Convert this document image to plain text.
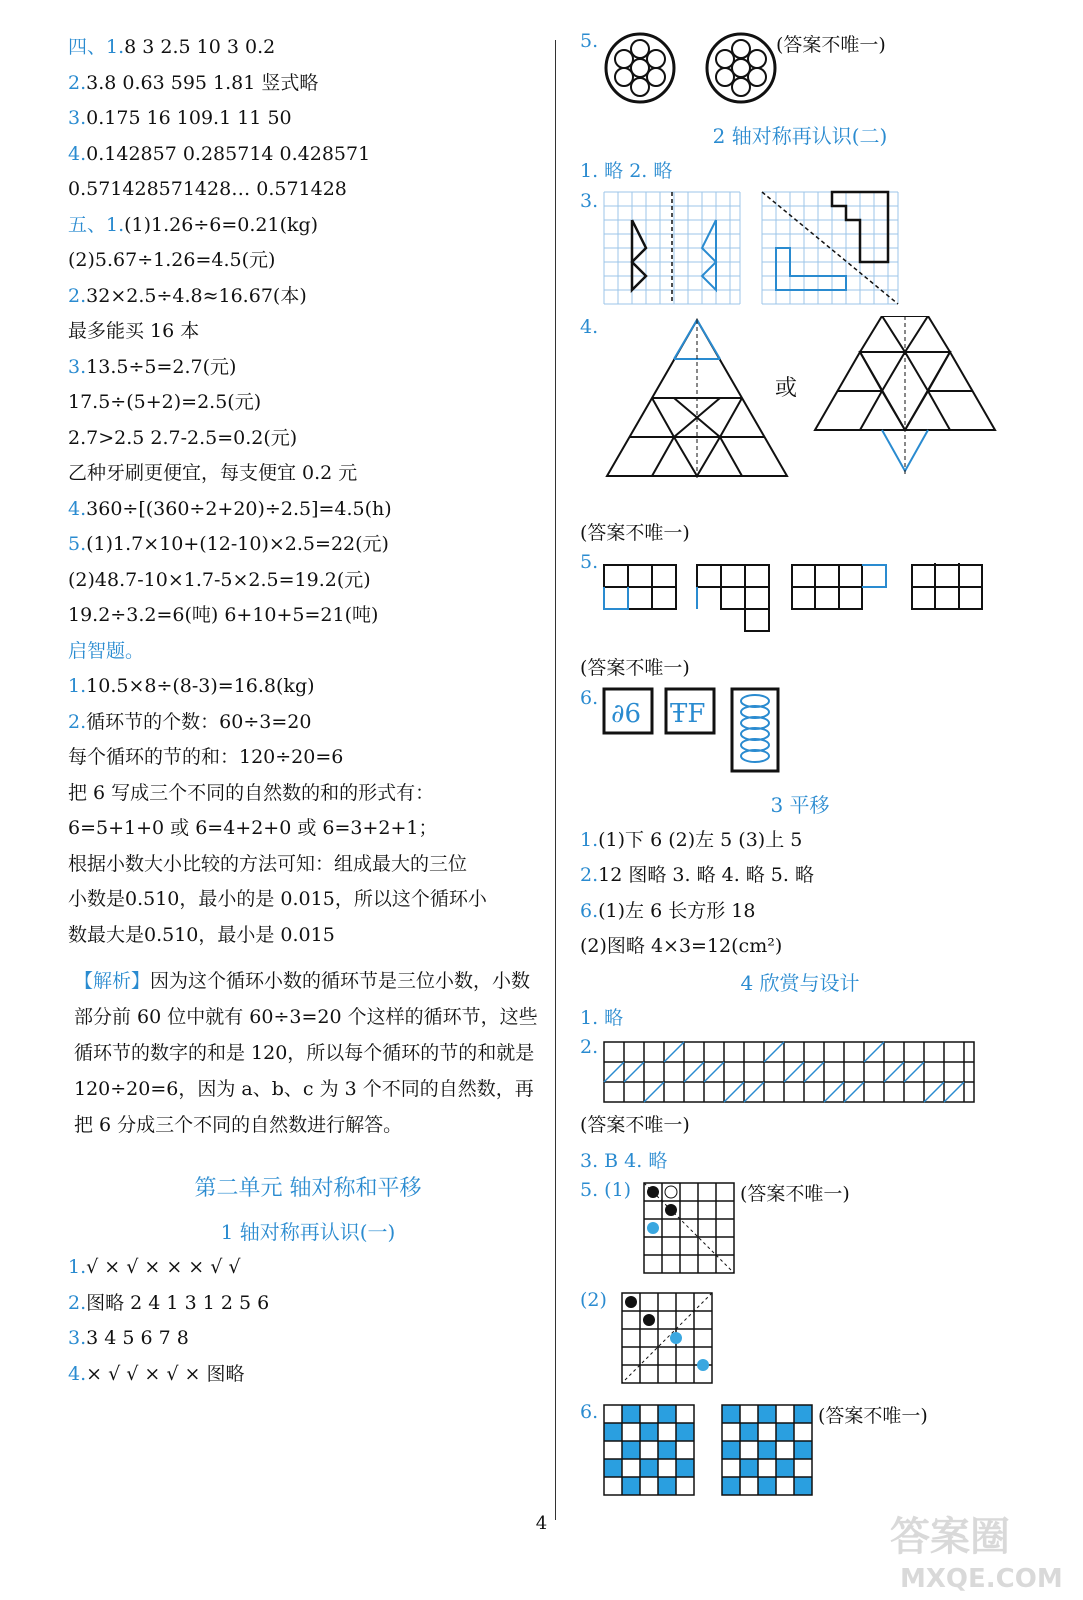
四、1.8 3 2.5 10 3 0.2
2.3.8 0.63 595 1.81 竖式略
3.0.175 16 109.1 11 50
4.0.142857 0.285714 0.428571
0.571428571428… 0.571428
五、1.(1)1.26÷6=0.21(kg)
(2)5.67÷1.26=4.5(元)
2.32×2.5÷4.8≈16.67(本)
最多能买 16 本
3.13.5÷5=2.7(元)
17.5÷(5+2)=2.5(元)
2.7>2.5 2.7-2.5=0.2(元)
乙种牙刷更便宜，每支便宜 0.2 元
4.360÷[(360÷2+20)÷2.5]=4.5(h)
5.(1)1.7×10+(12-10)×2.5=22(元)
(2)48.7-10×1.7-5×2.5=19.2(元)
19.2÷3.2=6(吨) 6+10+5=21(吨)
启智题。
1.10.5×8÷(8-3)=16.8(kg)
2.循环节的个数：60÷3=20
每个循环的节的和：120÷20=6
把 6 写成三个不同的自然数的和的形式有：
6=5+1+0 或 6=4+2+0 或 6=3+2+1；
根据小数大小比较的方法可知：组成最大的三位
小数是0.510，最小的是 0.015，所以这个循环小
数最大是0.510，最小是 0.015
【解析】因为这个循环小数的循环节是三位小数，小数部分前 60 位中就有 60÷3=20 个这样的循环节，这些循环节的数字的和是 120，所以每个循环的节的和就是 120÷20=6，因为 a、b、c 为 3 个不同的自然数，再把 6 分成三个不同的自然数进行解答。
第二单元 轴对称和平移
1 轴对称再认识(一)
1.√ × √ × × × √ √
2.图略 2 4 1 3 1 2 5 6
3.3 4 5 6 7 8
4.× √ √ × √ × 图略
5.	(答案不唯一)
2 轴对称再认识(二)
1. 略 2. 略
3.
4.
或
(答案不唯一)
5.
(答案不唯一)
6.
∂6 ŦF
3 平移
1.(1)下 6 (2)左 5 (3)上 5
2.12 图略 3. 略 4. 略 5. 略
6.(1)左 6 长方形 18
(2)图略 4×3=12(cm²)
4 欣赏与设计
1. 略
2.
(答案不唯一)
3. B 4. 略
5. (1)	(答案不唯一)
(2)
6.	(答案不唯一)
4	答案圈
MXQE.COM
